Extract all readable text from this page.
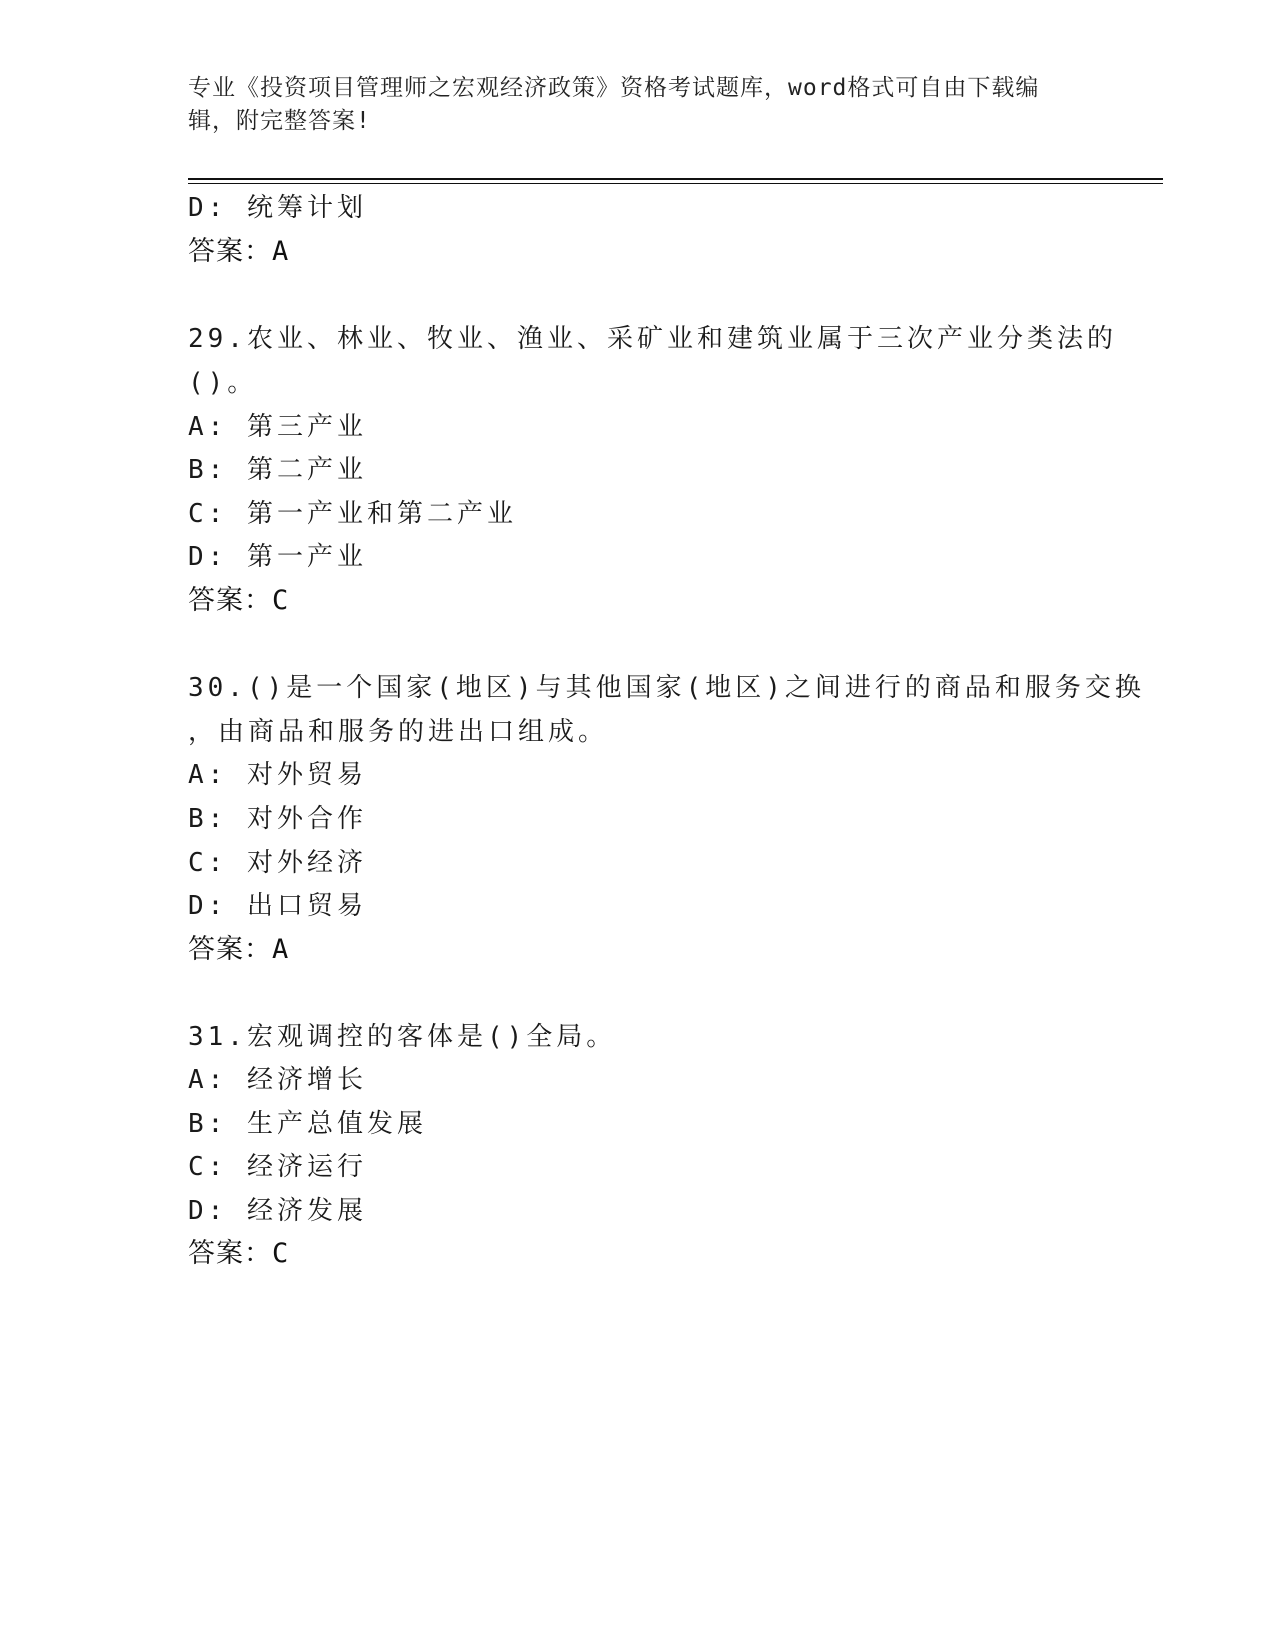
专业《投资项目管理师之宏观经济政策》资格考试题库，word格式可自由下载编
辑，附完整答案!
D: 统筹计划
答案：A
29.农业、林业、牧业、渔业、采矿业和建筑业属于三次产业分类法的
()。
A: 第三产业
B: 第二产业
C: 第一产业和第二产业
D: 第一产业
答案：C
30.()是一个国家(地区)与其他国家(地区)之间进行的商品和服务交换
，由商品和服务的进出口组成。
A: 对外贸易
B: 对外合作
C: 对外经济
D: 出口贸易
答案：A
31.宏观调控的客体是()全局。
A: 经济增长
B: 生产总值发展
C: 经济运行
D: 经济发展
答案：C
